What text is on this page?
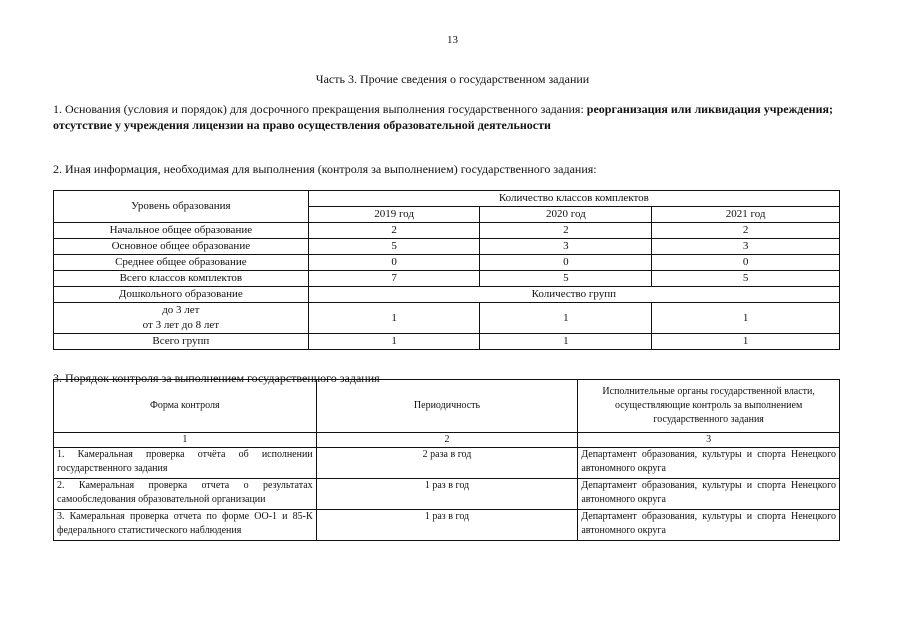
13
Часть 3. Прочие сведения о государственном задании
1. Основания (условия и порядок) для досрочного прекращения выполнения государственного задания: реорганизация или ликвидация учреждения; отсутствие у учреждения лицензии на право осуществления образовательной деятельности
2. Иная информация, необходимая для выполнения (контроля за выполнением) государственного задания:
Уровень образования	Количество классов комплектов		
	2019 год	2020 год	2021 год
Начальное общее образование	2	2	2
Основное общее образование	5	3	3
Среднее общее образование	0	0	0
Всего классов комплектов	7	5	5
Дошкольного образование	Количество групп		
до 3 лет
от 3 лет до 8 лет	1	1	1
Всего групп	1	1	1
3. Порядок контроля за выполнением государственного задания
Форма контроля	Периодичность	Исполнительные органы государственной власти, осуществляющие контроль за выполнением государственного задания
1	2	3
1. Камеральная проверка отчёта об исполнении государственного задания	2 раза в год	Департамент образования, культуры и спорта Ненецкого автономного округа
2. Камеральная проверка отчета о результатах самообследования образовательной организации	1 раз в год	Департамент образования, культуры и спорта Ненецкого автономного округа
3. Камеральная проверка отчета по форме ОО-1 и 85-К федерального статистического наблюдения	1 раз в год	Департамент образования, культуры и спорта Ненецкого автономного округа
